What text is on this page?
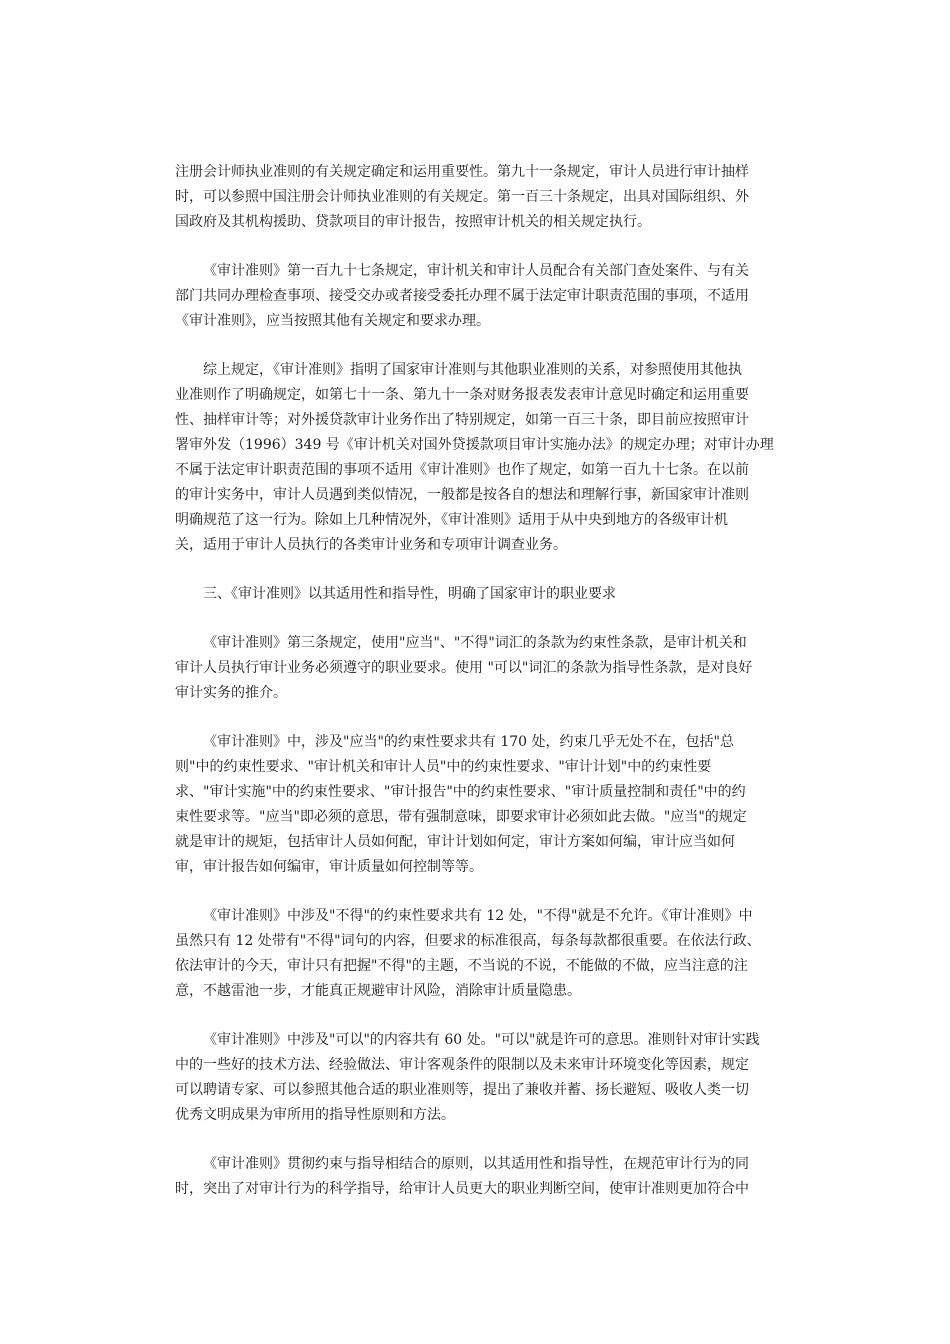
注册会计师执业准则的有关规定确定和运用重要性。第九十一条规定，审计人员进行审计抽样
时，可以参照中国注册会计师执业准则的有关规定。第一百三十条规定，出具对国际组织、外
国政府及其机构援助、贷款项目的审计报告，按照审计机关的相关规定执行。

《审计准则》第一百九十七条规定，审计机关和审计人员配合有关部门查处案件、与有关
部门共同办理检查事项、接受交办或者接受委托办理不属于法定审计职责范围的事项，不适用
《审计准则》，应当按照其他有关规定和要求办理。

综上规定，《审计准则》指明了国家审计准则与其他职业准则的关系，对参照使用其他执
业准则作了明确规定，如第七十一条、第九十一条对财务报表发表审计意见时确定和运用重要
性、抽样审计等；对外援贷款审计业务作出了特别规定，如第一百三十条，即目前应按照审计
署审外发（1996）349 号《审计机关对国外贷援款项目审计实施办法》的规定办理；对审计办理
不属于法定审计职责范围的事项不适用《审计准则》也作了规定，如第一百九十七条。在以前
的审计实务中，审计人员遇到类似情况，一般都是按各自的想法和理解行事，新国家审计准则
明确规范了这一行为。除如上几种情况外，《审计准则》适用于从中央到地方的各级审计机
关，适用于审计人员执行的各类审计业务和专项审计调查业务。

三、《审计准则》以其适用性和指导性，明确了国家审计的职业要求

《审计准则》第三条规定，使用"应当"、"不得"词汇的条款为约束性条款，是审计机关和
审计人员执行审计业务必须遵守的职业要求。使用 "可以"词汇的条款为指导性条款，是对良好
审计实务的推介。

《审计准则》中，涉及"应当"的约束性要求共有 170 处，约束几乎无处不在，包括"总
则"中的约束性要求、"审计机关和审计人员"中的约束性要求、"审计计划"中的约束性要
求、"审计实施"中的约束性要求、"审计报告"中的约束性要求、"审计质量控制和责任"中的约
束性要求等。"应当"即必须的意思，带有强制意味，即要求审计必须如此去做。"应当"的规定
就是审计的规矩，包括审计人员如何配，审计计划如何定，审计方案如何编，审计应当如何
审，审计报告如何编审，审计质量如何控制等等。

《审计准则》中涉及"不得"的约束性要求共有 12 处，"不得"就是不允许。《审计准则》中
虽然只有 12 处带有"不得"词句的内容，但要求的标准很高，每条每款都很重要。在依法行政、
依法审计的今天，审计只有把握"不得"的主题，不当说的不说，不能做的不做，应当注意的注
意，不越雷池一步，才能真正规避审计风险，消除审计质量隐患。

《审计准则》中涉及"可以"的内容共有 60 处。"可以"就是许可的意思。准则针对审计实践
中的一些好的技术方法、经验做法、审计客观条件的限制以及未来审计环境变化等因素，规定
可以聘请专家、可以参照其他合适的职业准则等，提出了兼收并蓄、扬长避短、吸收人类一切
优秀文明成果为审所用的指导性原则和方法。

《审计准则》贯彻约束与指导相结合的原则，以其适用性和指导性，在规范审计行为的同
时，突出了对审计行为的科学指导，给审计人员更大的职业判断空间，使审计准则更加符合中
